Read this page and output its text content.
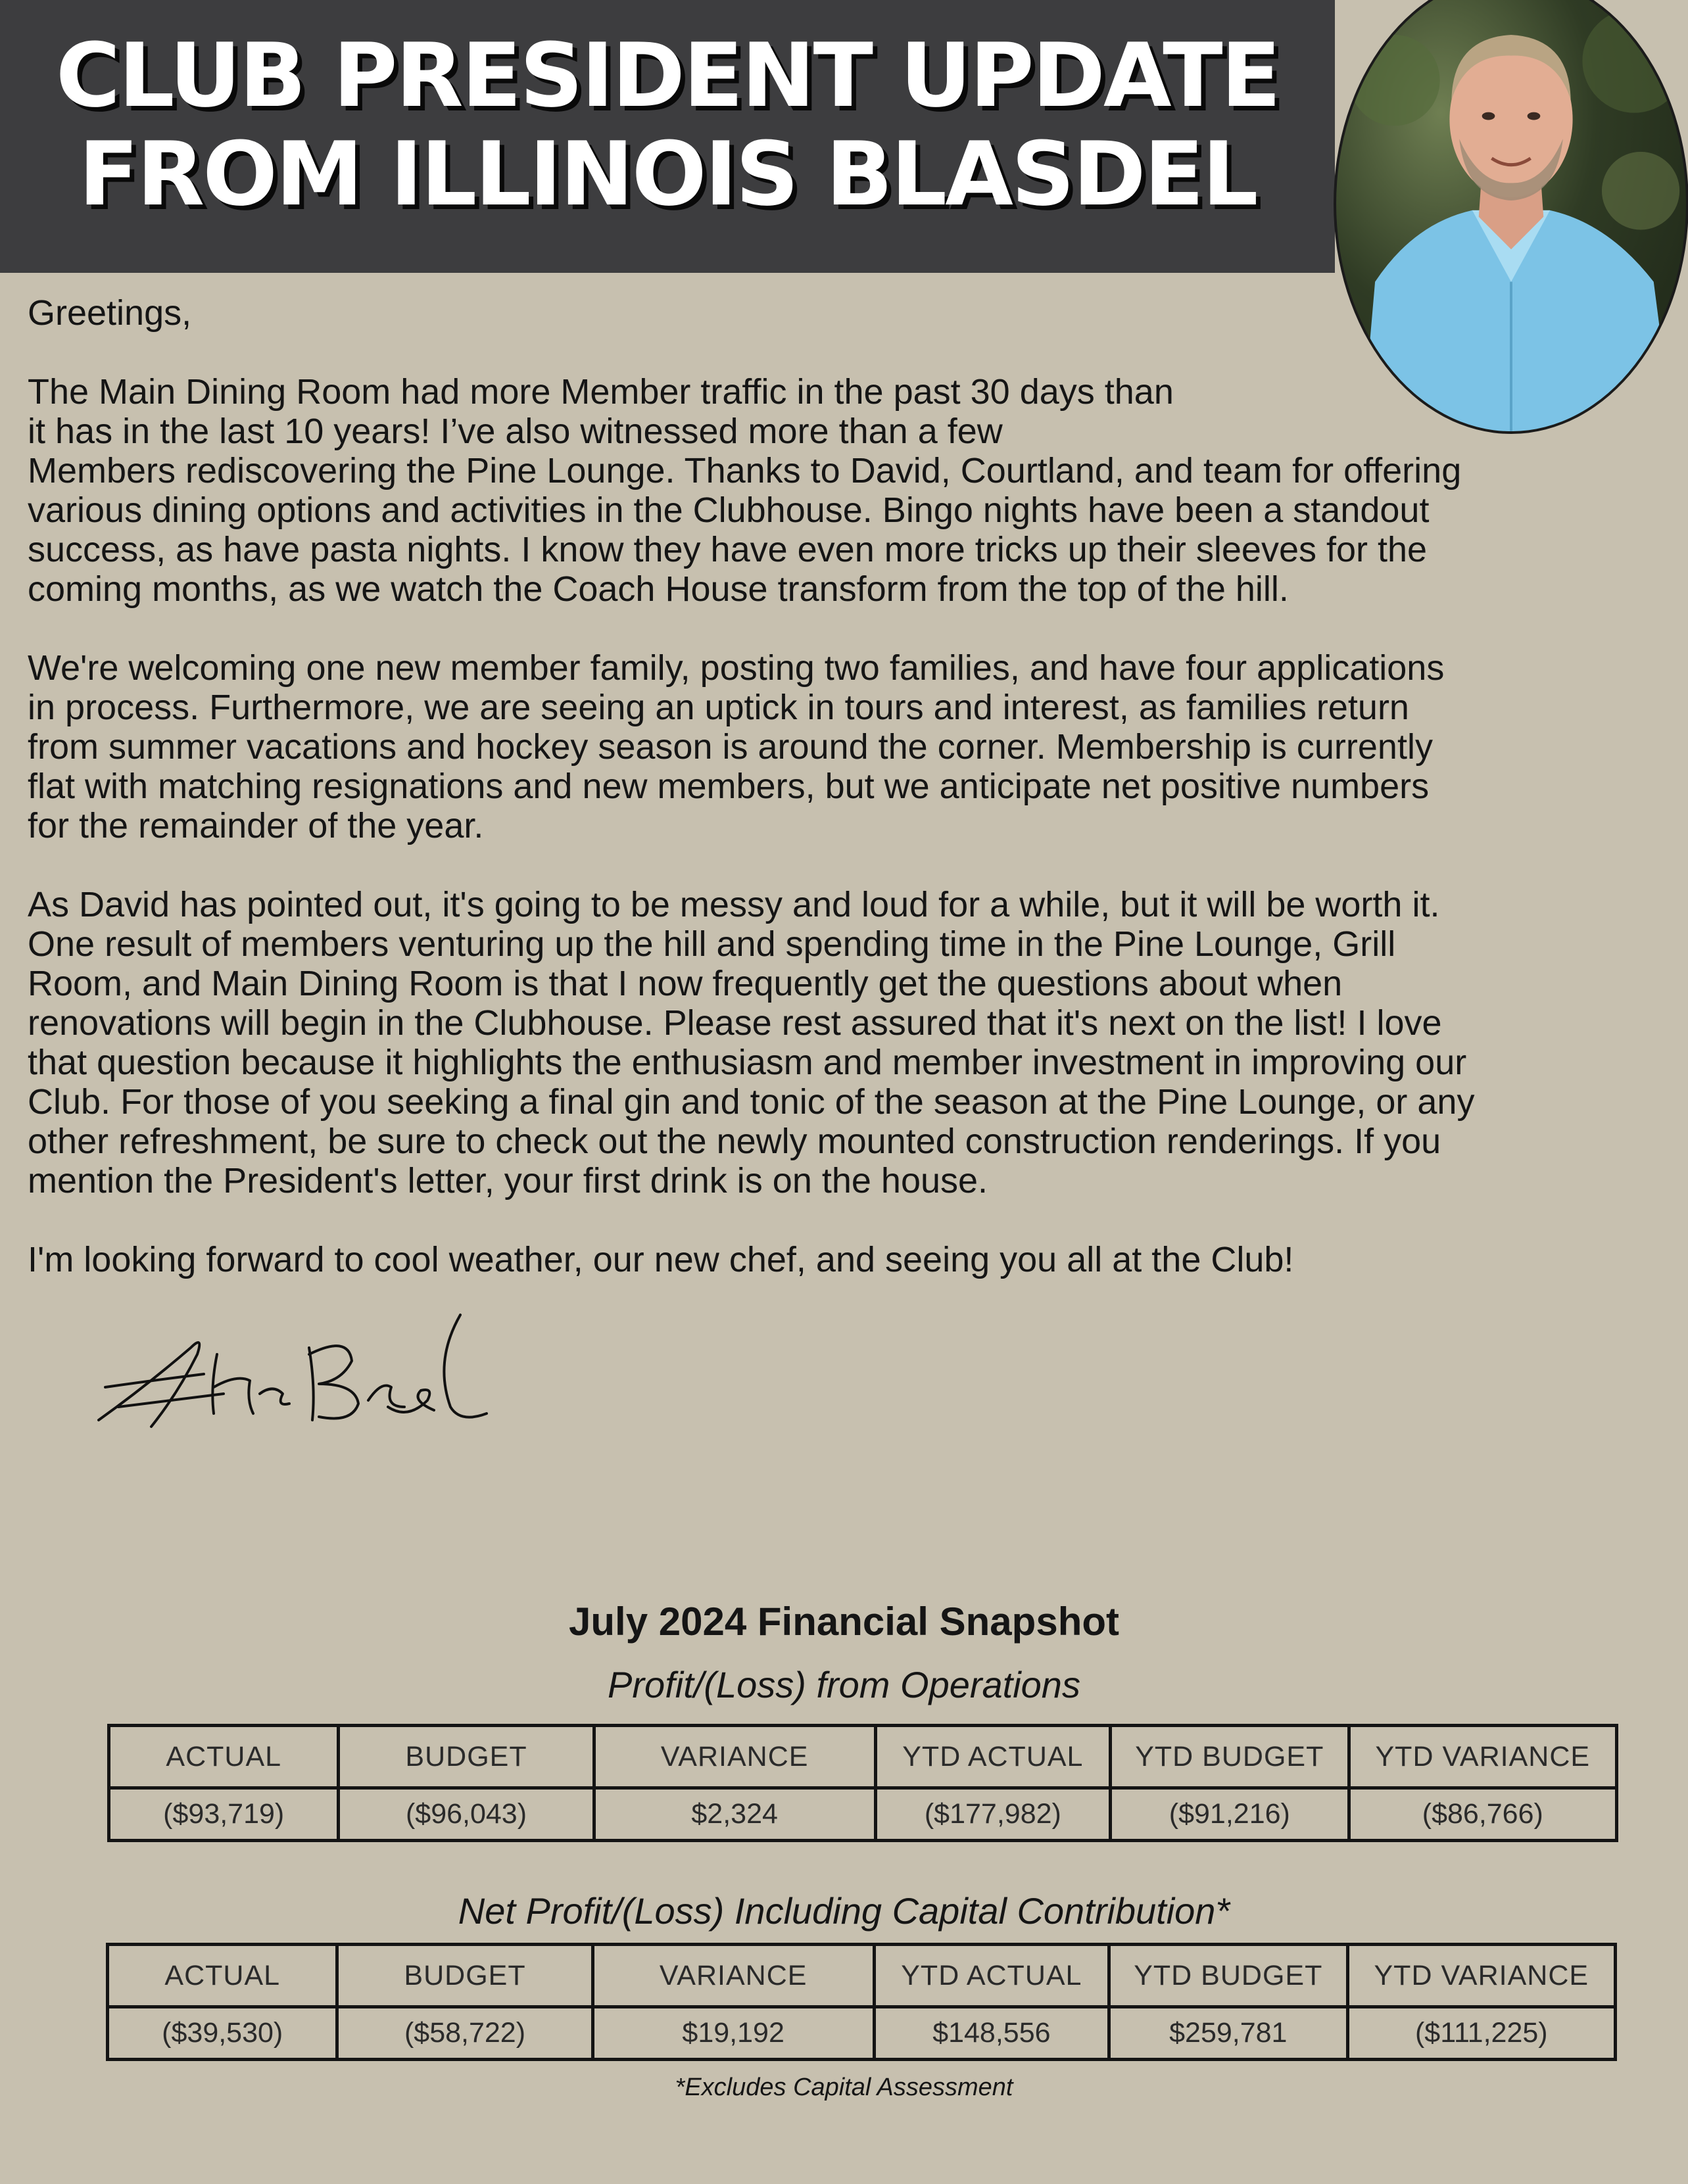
CLUB PRESIDENT UPDATE
FROM ILLINOIS BLASDEL

Greetings,

The Main Dining Room had more Member traffic in the past 30 days than
it has in the last 10 years! I’ve also witnessed more than a few
Members rediscovering the Pine Lounge. Thanks to David, Courtland, and team for offering
various dining options and activities in the Clubhouse. Bingo nights have been a standout
success, as have pasta nights. I know they have even more tricks up their sleeves for the
coming months, as we watch the Coach House transform from the top of the hill.

We're welcoming one new member family, posting two families, and have four applications
in process. Furthermore, we are seeing an uptick in tours and interest, as families return
from summer vacations and hockey season is around the corner. Membership is currently
flat with matching resignations and new members, but we anticipate net positive numbers
for the remainder of the year.

As David has pointed out, it's going to be messy and loud for a while, but it will be worth it.
One result of members venturing up the hill and spending time in the Pine Lounge, Grill
Room, and Main Dining Room is that I now frequently get the questions about when
renovations will begin in the Clubhouse. Please rest assured that it's next on the list! I love
that question because it highlights the enthusiasm and member investment in improving our
Club. For those of you seeking a final gin and tonic of the season at the Pine Lounge, or any
other refreshment, be sure to check out the newly mounted construction renderings. If you
mention the President's letter, your first drink is on the house.

I'm looking forward to cool weather, our new chef, and seeing you all at the Club!

July 2024 Financial Snapshot
Profit/(Loss) from Operations
ACTUAL	BUDGET	VARIANCE	YTD ACTUAL	YTD BUDGET	YTD VARIANCE
($93,719)	($96,043)	$2,324	($177,982)	($91,216)	($86,766)
Net Profit/(Loss) Including Capital Contribution*
ACTUAL	BUDGET	VARIANCE	YTD ACTUAL	YTD BUDGET	YTD VARIANCE
($39,530)	($58,722)	$19,192	$148,556	$259,781	($111,225)
*Excludes Capital Assessment
